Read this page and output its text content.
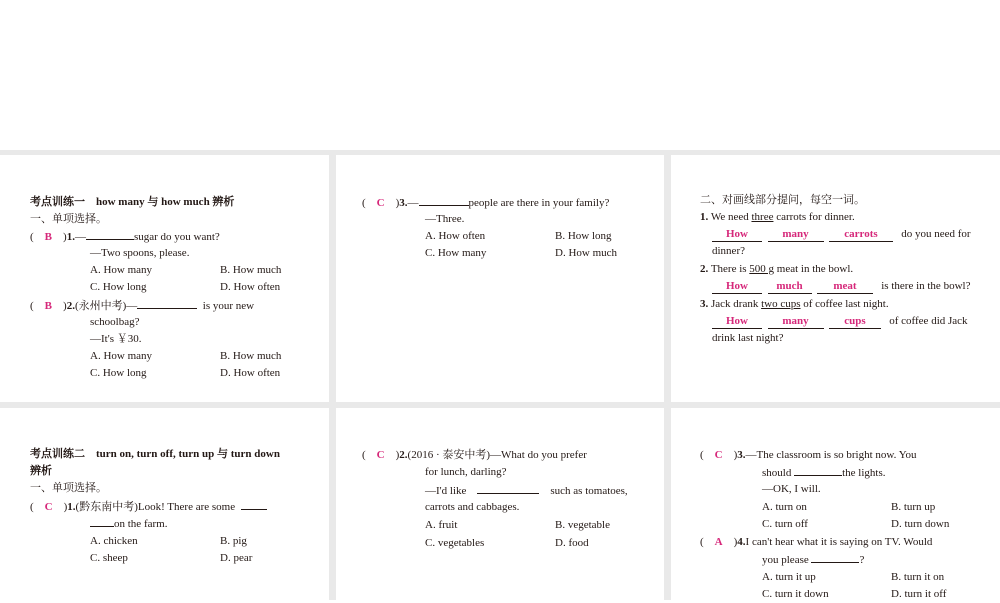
考点训练一　how many 与 how much 辨析
一、单项选择。
(    B    )1.—	sugar do you want?
—Two spoons, please.
A. How many	B. How much
C. How long	D. How often
(    B    )2.(永州中考)—	is your new
schoolbag?
—It's ￥30.
A. How many	B. How much
C. How long	D. How often
(    C    )3.—	people are there in your family?
—Three.
A. How often	B. How long
C. How many	D. How much
二、对画线部分提问，每空一词。
1. We need three carrots for dinner.
How	many	carrots do you need for
dinner?
2. There is 500 g meat in the bowl.
How	much	meat is there in the bowl?
3. Jack drank two cups of coffee last night.
How	many	cups of coffee did Jack
drink last night?
考点训练二　turn on, turn off, turn up 与 turn down
辨析
一、单项选择。
(    C    )1.(黔东南中考)Look! There are some
on the farm.
A. chicken	B. pig
C. sheep	D. pear
(    C    )2.(2016 · 泰安中考)—What do you prefer
for lunch, darling?
—I'd like	such as tomatoes,
carrots and cabbages.
A. fruit	B. vegetable
C. vegetables	D. food
(    C    )3.—The classroom is so bright now. You
should	the lights.
—OK, I will.
A. turn on	B. turn up
C. turn off	D. turn down
(    A    )4.I can't hear what it is saying on TV. Would
you please	?
A. turn it up	B. turn it on
C. turn it down	D. turn it off
